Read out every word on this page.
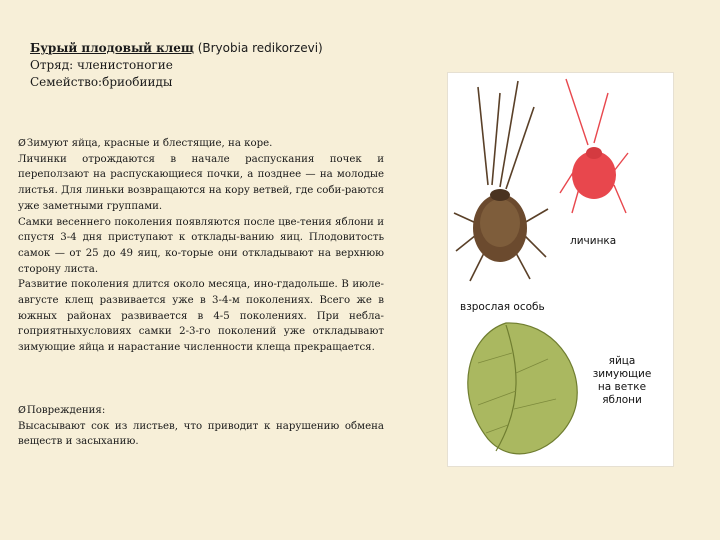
Бурый плодовый клещ (Bryobia redikorzevi)
Отряд: членистоногие
Семейство:бриобииды

ØЗимуют яйца, красные и блестящие, на коре.

Личинки отрождаются в начале распускания почек и переползают на распускающиеся почки, а позднее — на молодые листья. Для линьки возвращаются на кору ветвей, где соби-раются уже заметными группами.

Самки весеннего поколения появляются после цве-тения яблони и спустя 3-4 дня приступают к отклады-ванию яиц. Плодовитость самок — от 25 до 49 яиц, ко-торые они откладывают на верхнюю сторону листа.

Развитие поколения длится около месяца, ино-гдадольше. В июле-августе клещ развивается уже в 3-4-м поколениях. Всего же в южных районах развивается в 4-5 поколениях. При небла-гоприятныхусловиях самки 2-3-го поколений уже откладывают зимующие яйца и нарастание численности клеща прекращается.

ØПовреждения:

Высасывают сок из листьев, что приводит к нарушению обмена веществ и засыханию.

личинка
взрослая особь
яйца
зимующие
на ветке
яблони
